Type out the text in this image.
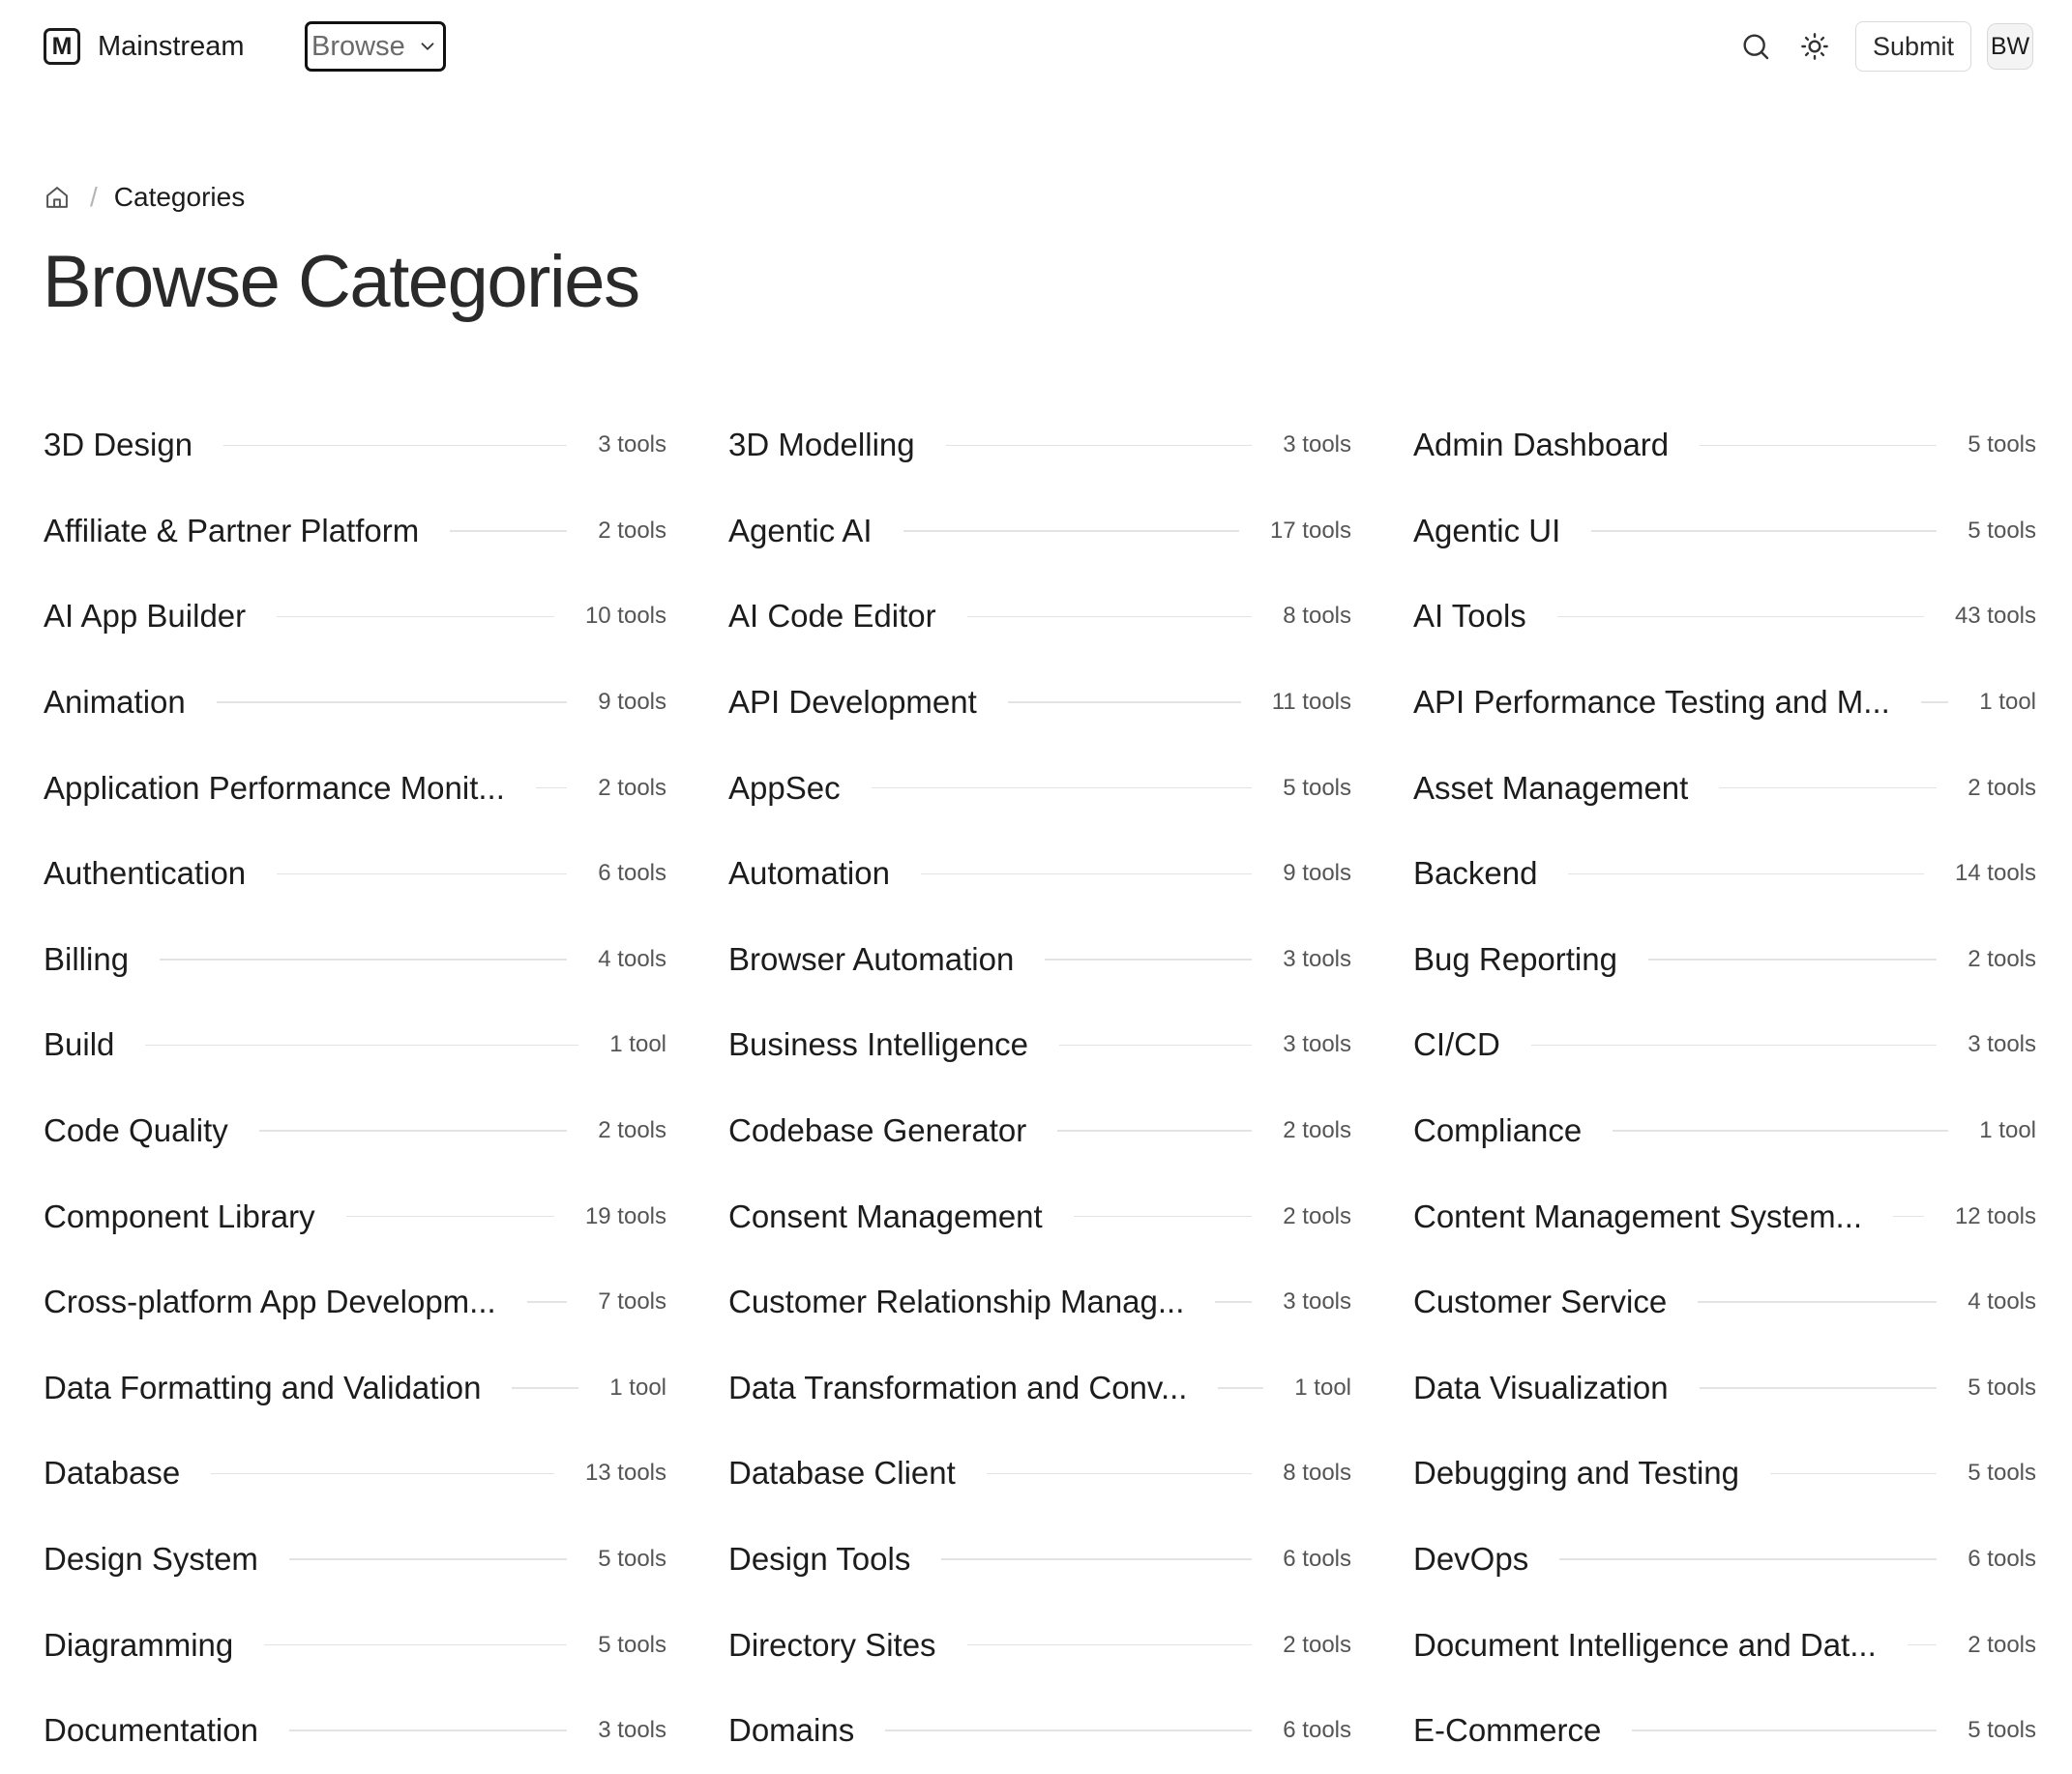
M Mainstream Browse	Submit	BW
/ Categories
Browse Categories
3D Design	3 tools 3D Modelling	3 tools Admin Dashboard	5 tools
Affiliate & Partner Platform	2 tools Agentic AI	17 tools Agentic UI	5 tools
AI App Builder	10 tools AI Code Editor	8 tools AI Tools	43 tools
Animation	9 tools API Development	11 tools API Performance Testing and M...	1 tool
Application Performance Monit...	2 tools AppSec	5 tools Asset Management	2 tools
Authentication	6 tools Automation	9 tools Backend	14 tools
Billing	4 tools Browser Automation	3 tools Bug Reporting	2 tools
Build	1 tool Business Intelligence	3 tools CI/CD	3 tools
Code Quality	2 tools Codebase Generator	2 tools Compliance	1 tool
Component Library	19 tools Consent Management	2 tools Content Management System...	12 tools
Cross-platform App Developm...	7 tools Customer Relationship Manag...	3 tools Customer Service	4 tools
Data Formatting and Validation	1 tool Data Transformation and Conv...	1 tool Data Visualization	5 tools
Database	13 tools Database Client	8 tools Debugging and Testing	5 tools
Design System	5 tools Design Tools	6 tools DevOps	6 tools
Diagramming	5 tools Directory Sites	2 tools Document Intelligence and Dat...	2 tools
Documentation	3 tools Domains	6 tools E-Commerce	5 tools
